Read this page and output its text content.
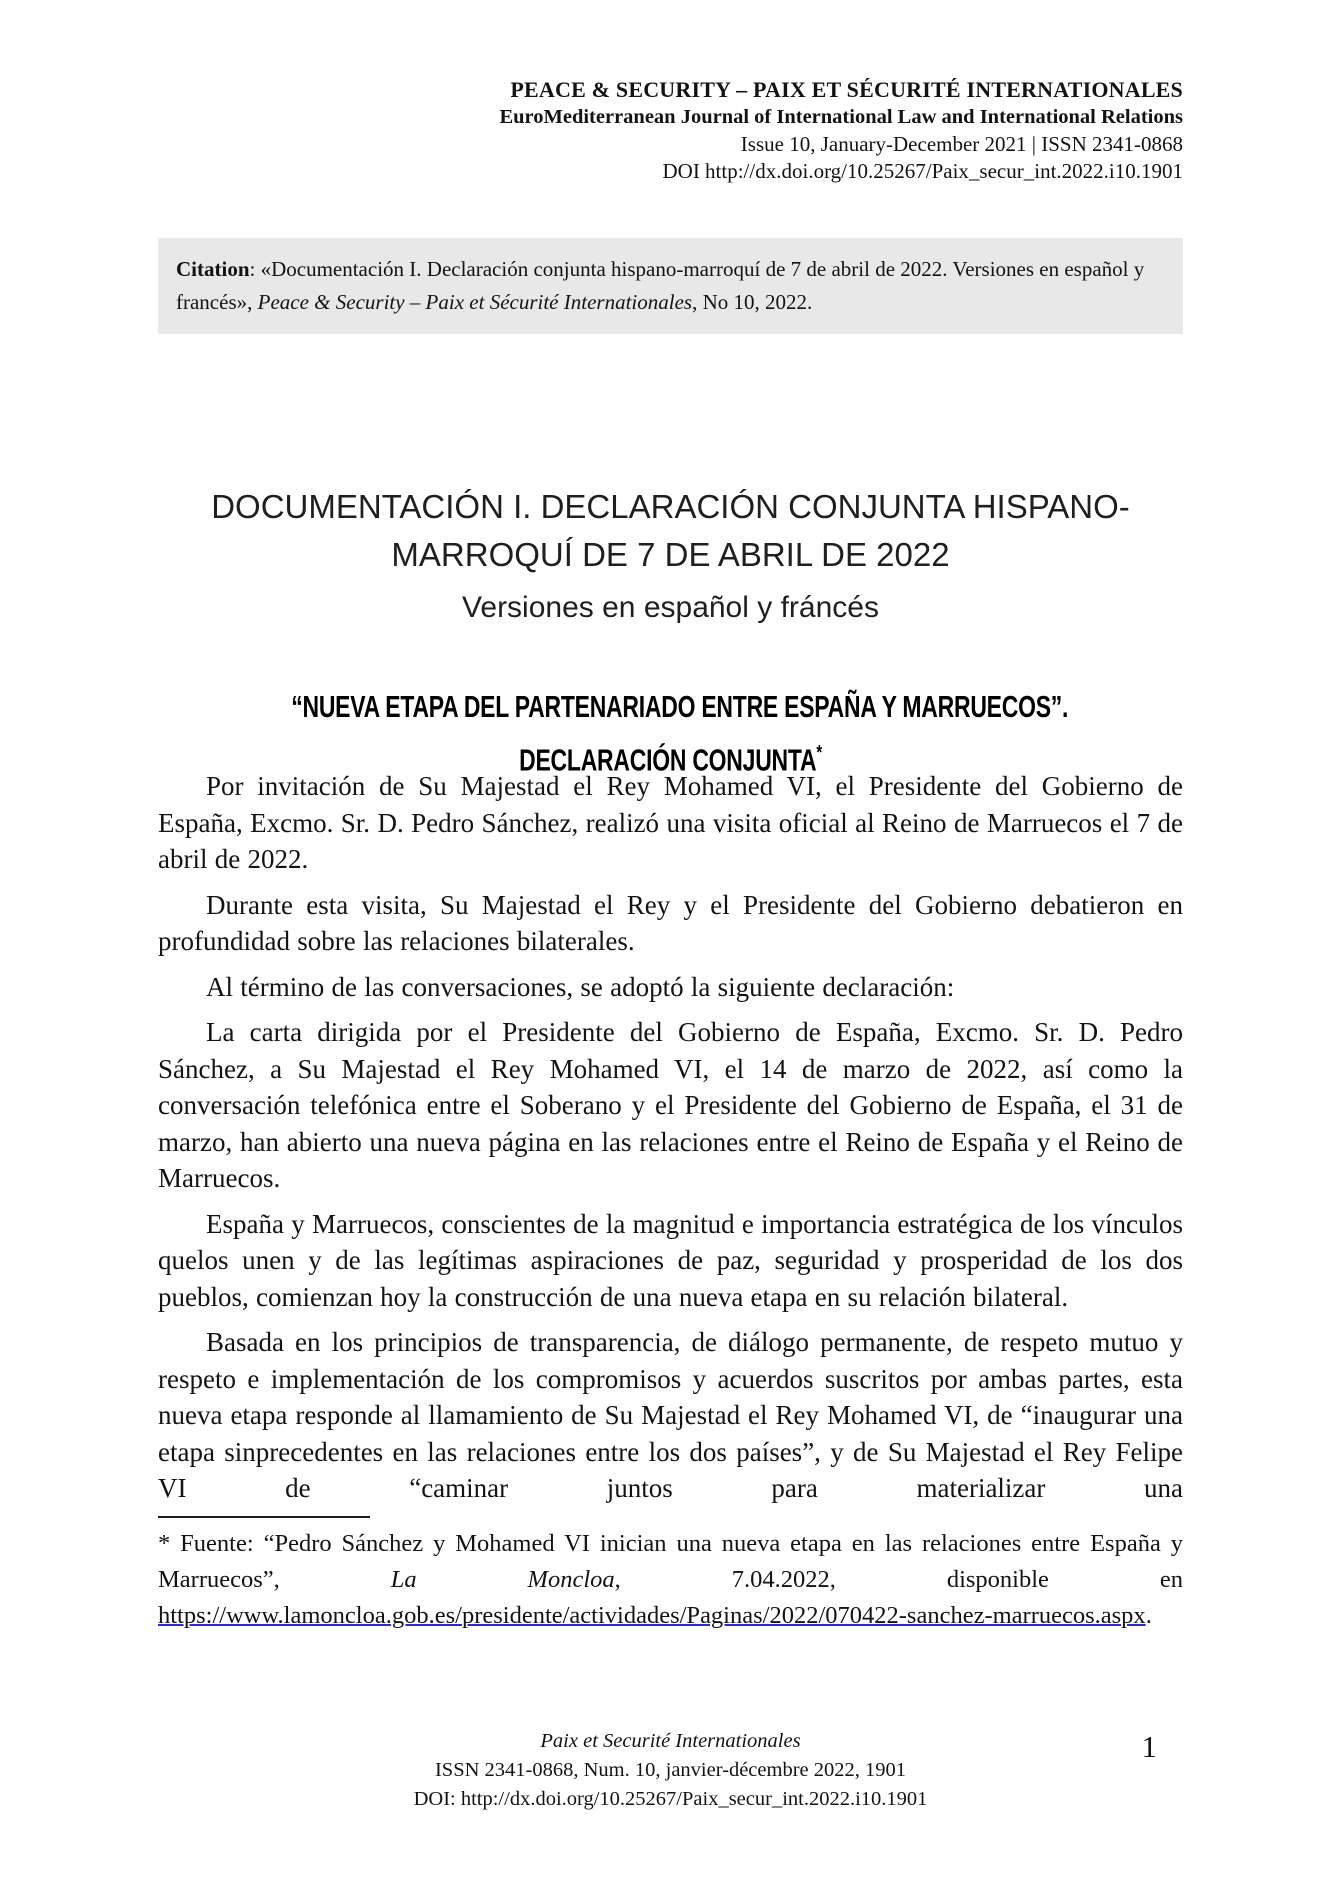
PEACE & SECURITY – PAIX ET SÉCURITÉ INTERNATIONALES
EuroMediterranean Journal of International Law and International Relations
Issue 10, January-December 2021 | ISSN 2341-0868
DOI http://dx.doi.org/10.25267/Paix_secur_int.2022.i10.1901
Citation: «Documentación I. Declaración conjunta hispano-marroquí de 7 de abril de 2022. Versiones en español y francés», Peace & Security – Paix et Sécurité Internationales, No 10, 2022.
DOCUMENTACIÓN I. DECLARACIÓN CONJUNTA HISPANO-
MARROQUÍ DE 7 DE ABRIL DE 2022
Versiones en español y fráncés
“NUEVA ETAPA DEL PARTENARIADO ENTRE ESPAÑA Y MARRUECOS”.
DECLARACIÓN CONJUNTA*

Por invitación de Su Majestad el Rey Mohamed VI, el Presidente del Gobierno de España, Excmo. Sr. D. Pedro Sánchez, realizó una visita oficial al Reino de Marruecos el 7 de abril de 2022.

Durante esta visita, Su Majestad el Rey y el Presidente del Gobierno debatieron en profundidad sobre las relaciones bilaterales.

Al término de las conversaciones, se adoptó la siguiente declaración:

La carta dirigida por el Presidente del Gobierno de España, Excmo. Sr. D. Pedro Sánchez, a Su Majestad el Rey Mohamed VI, el 14 de marzo de 2022, así como la conversación telefónica entre el Soberano y el Presidente del Gobierno de España, el 31 de marzo, han abierto una nueva página en las relaciones entre el Reino de España y el Reino de Marruecos.

España y Marruecos, conscientes de la magnitud e importancia estratégica de los vínculos quelos unen y de las legítimas aspiraciones de paz, seguridad y prosperidad de los dos pueblos, comienzan hoy la construcción de una nueva etapa en su relación bilateral.

Basada en los principios de transparencia, de diálogo permanente, de respeto mutuo y respeto e implementación de los compromisos y acuerdos suscritos por ambas partes, esta nueva etapa responde al llamamiento de Su Majestad el Rey Mohamed VI, de “inaugurar una etapa sinprecedentes en las relaciones entre los dos países”, y de Su Majestad el Rey Felipe VI de “caminar juntos para materializar una

* Fuente: “Pedro Sánchez y Mohamed VI inician una nueva etapa en las relaciones entre España y Marruecos”, La Moncloa, 7.04.2022, disponible en https://www.lamoncloa.gob.es/presidente/actividades/Paginas/2022/070422-sanchez-marruecos.aspx.
Paix et Securité Internationales
ISSN 2341-0868, Num. 10, janvier-décembre 2022, 1901
DOI: http://dx.doi.org/10.25267/Paix_secur_int.2022.i10.1901
1
